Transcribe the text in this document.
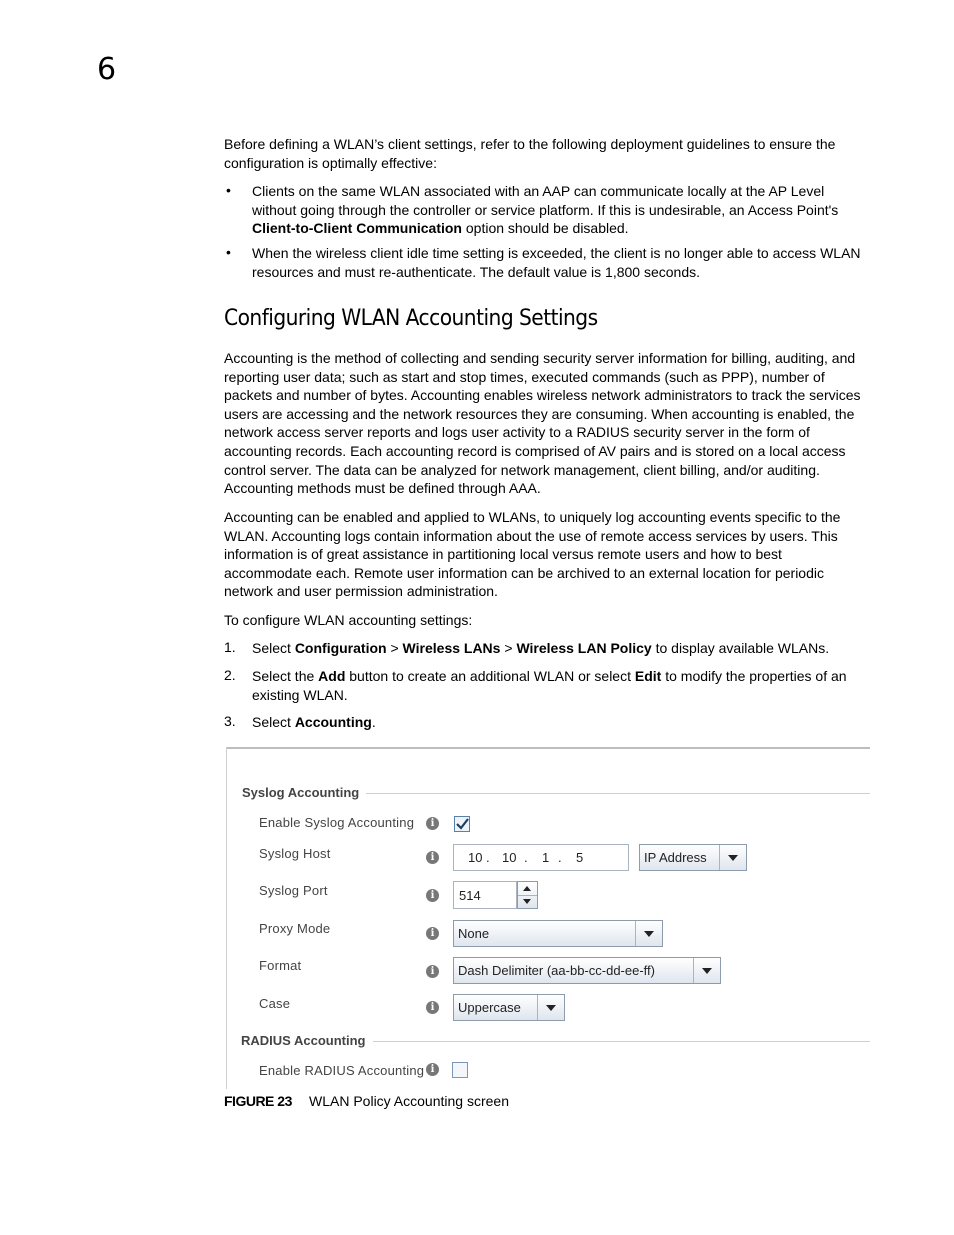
6
Before defining a WLAN’s client settings, refer to the following deployment guidelines to ensure the configuration is optimally effective:
• Clients on the same WLAN associated with an AAP can communicate locally at the AP Level without going through the controller or service platform. If this is undesirable, an Access Point's Client-to-Client Communication option should be disabled.
• When the wireless client idle time setting is exceeded, the client is no longer able to access WLAN resources and must re-authenticate. The default value is 1,800 seconds.
Configuring WLAN Accounting Settings
Accounting is the method of collecting and sending security server information for billing, auditing, and reporting user data; such as start and stop times, executed commands (such as PPP), number of packets and number of bytes. Accounting enables wireless network administrators to track the services users are accessing and the network resources they are consuming. When accounting is enabled, the network access server reports and logs user activity to a RADIUS security server in the form of accounting records. Each accounting record is comprised of AV pairs and is stored on a local access control server. The data can be analyzed for network management, client billing, and/or auditing. Accounting methods must be defined through AAA.
Accounting can be enabled and applied to WLANs, to uniquely log accounting events specific to the WLAN. Accounting logs contain information about the use of remote access services by users. This information is of great assistance in partitioning local versus remote users and how to best accommodate each. Remote user information can be archived to an external location for periodic network and user permission administration.
To configure WLAN accounting settings:
1. Select Configuration > Wireless LANs > Wireless LAN Policy to display available WLANs.
2. Select the Add button to create an additional WLAN or select Edit to modify the properties of an existing WLAN.
3. Select Accounting.
Syslog Accounting
Enable Syslog Accounting	i
Syslog Host	i	10 . 10 . 1 . 5	IP Address
Syslog Port	i	514
Proxy Mode	i	None
Format	i	Dash Delimiter (aa-bb-cc-dd-ee-ff)
Case	i	Uppercase
RADIUS Accounting
Enable RADIUS Accounting i
FIGURE 23 WLAN Policy Accounting screen
